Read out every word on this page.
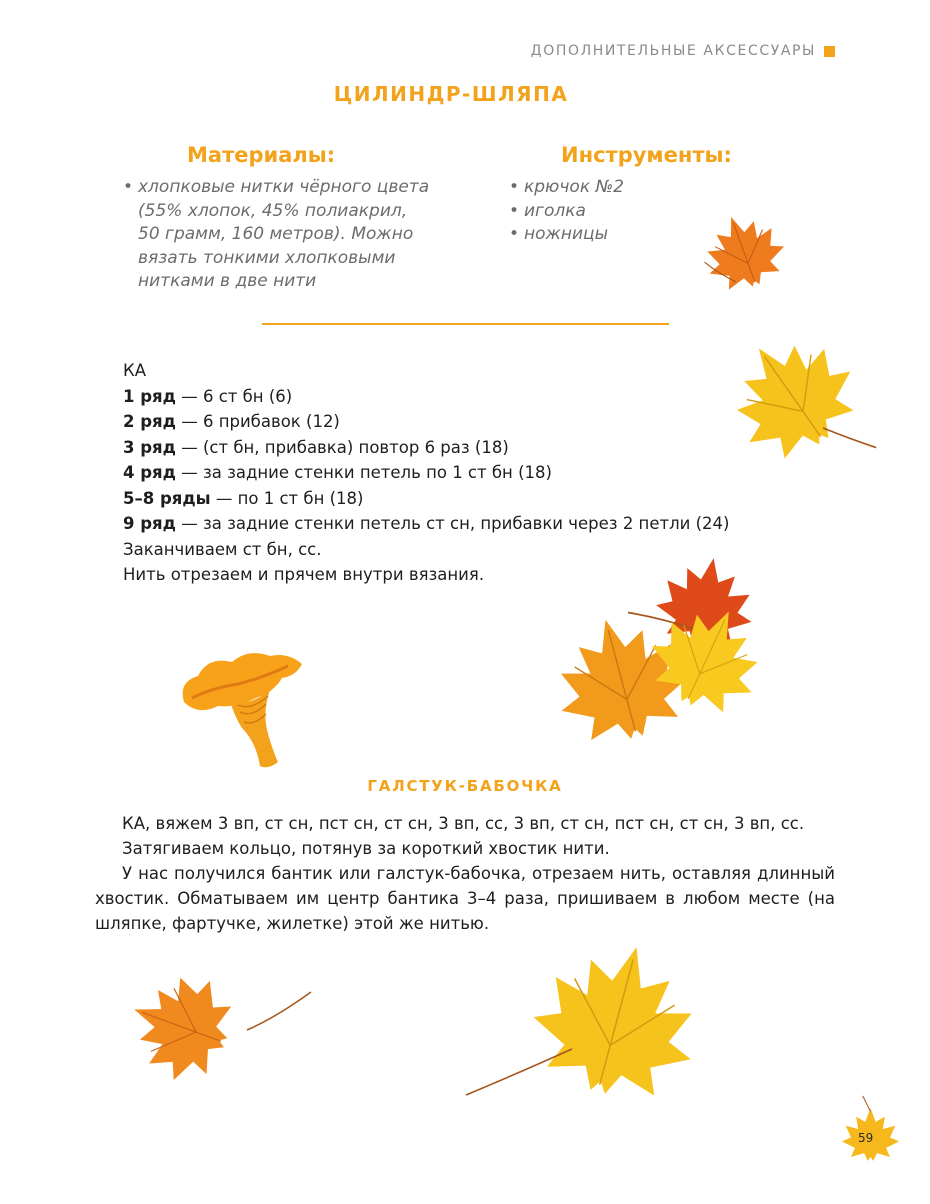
ДОПОЛНИТЕЛЬНЫЕ АКСЕССУАРЫ
ЦИЛИНДР-ШЛЯПА
Материалы:	Инструменты:
• хлопковые нитки чёрного цвета
(55% хлопок, 45% полиакрил,
50 грамм, 160 метров). Можно
вязать тонкими хлопковыми
нитками в две нити
• крючок №2
• иголка
• ножницы
КА
1 ряд — 6 ст бн (6)
2 ряд — 6 прибавок (12)
3 ряд — (ст бн, прибавка) повтор 6 раз (18)
4 ряд — за задние стенки петель по 1 ст бн (18)
5–8 ряды — по 1 ст бн (18)
9 ряд — за задние стенки петель ст сн, прибавки через 2 петли (24)
Заканчиваем ст бн, сс.
Нить отрезаем и прячем внутри вязания.
ГАЛСТУК-БАБОЧКА

КА, вяжем 3 вп, ст сн, пст сн, ст сн, 3 вп, сс, 3 вп, ст сн, пст сн, ст сн, 3 вп, сс.

Затягиваем кольцо, потянув за короткий хвостик нити.

У нас получился бантик или галстук-бабочка, отрезаем нить, оставляя длинный хвостик. Обматываем им центр бантика 3–4 раза, пришиваем в любом месте (на шляпке, фартучке, жилетке) этой же нитью.

59
